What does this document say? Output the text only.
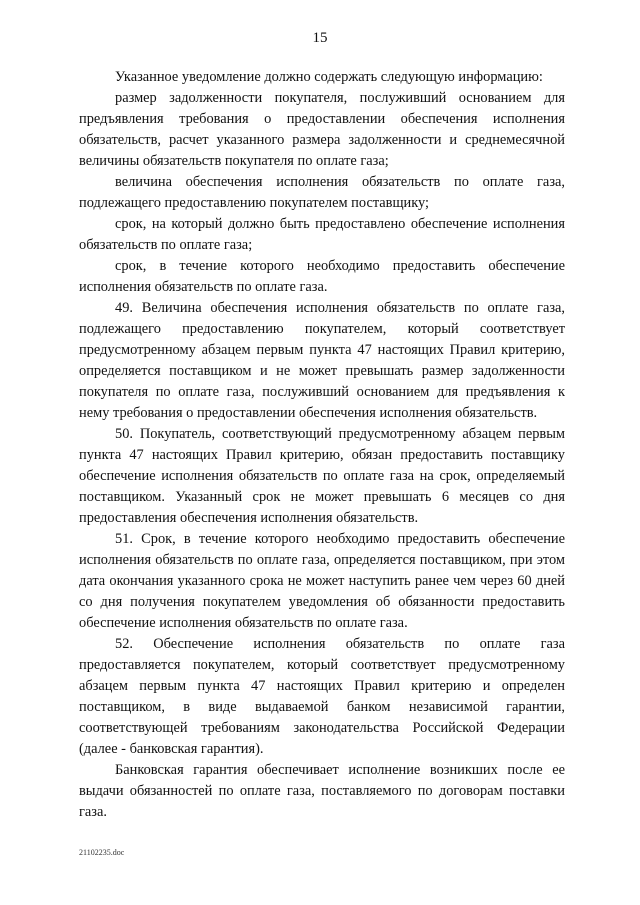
15

Указанное уведомление должно содержать следующую информацию:

размер задолженности покупателя, послуживший основанием для предъявления требования о предоставлении обеспечения исполнения обязательств, расчет указанного размера задолженности и среднемесячной величины обязательств покупателя по оплате газа;

величина обеспечения исполнения обязательств по оплате газа, подлежащего предоставлению покупателем поставщику;

срок, на который должно быть предоставлено обеспечение исполнения обязательств по оплате газа;

срок, в течение которого необходимо предоставить обеспечение исполнения обязательств по оплате газа.

49. Величина обеспечения исполнения обязательств по оплате газа, подлежащего предоставлению покупателем, который соответствует предусмотренному абзацем первым пункта 47 настоящих Правил критерию, определяется поставщиком и не может превышать размер задолженности покупателя по оплате газа, послуживший основанием для предъявления к нему требования о предоставлении обеспечения исполнения обязательств.

50. Покупатель, соответствующий предусмотренному абзацем первым пункта 47 настоящих Правил критерию, обязан предоставить поставщику обеспечение исполнения обязательств по оплате газа на срок, определяемый поставщиком. Указанный срок не может превышать 6 месяцев со дня предоставления обеспечения исполнения обязательств.

51. Срок, в течение которого необходимо предоставить обеспечение исполнения обязательств по оплате газа, определяется поставщиком, при этом дата окончания указанного срока не может наступить ранее чем через 60 дней со дня получения покупателем уведомления об обязанности предоставить обеспечение исполнения обязательств по оплате газа.

52. Обеспечение исполнения обязательств по оплате газа предоставляется покупателем, который соответствует предусмотренному абзацем первым пункта 47 настоящих Правил критерию и определен поставщиком, в виде выдаваемой банком независимой гарантии, соответствующей требованиям законодательства Российской Федерации (далее - банковская гарантия).

Банковская гарантия обеспечивает исполнение возникших после ее выдачи обязанностей по оплате газа, поставляемого по договорам поставки газа.

21102235.doc
